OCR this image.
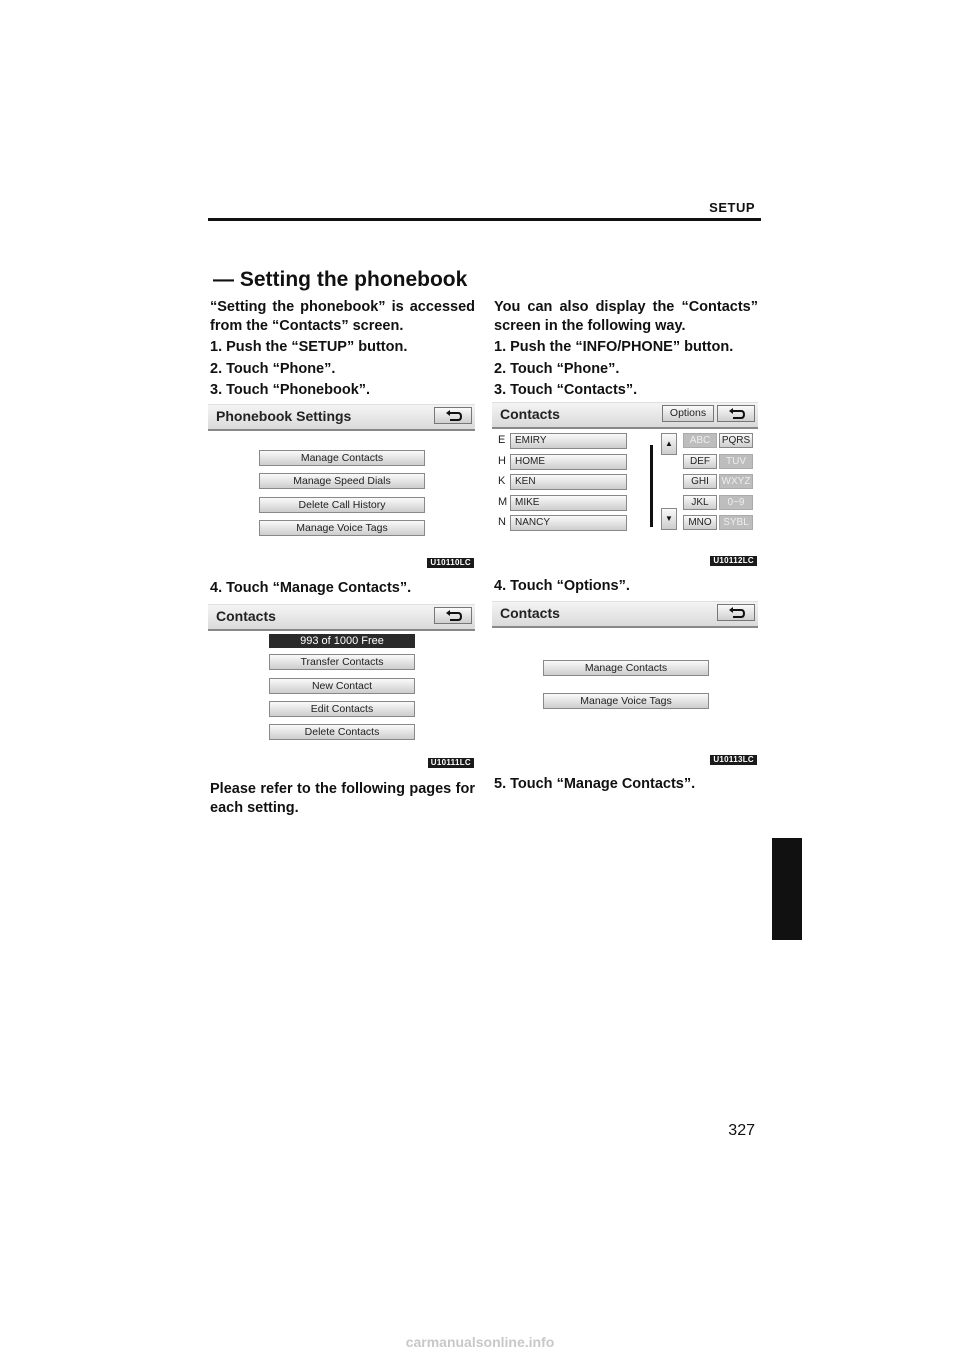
SETUP
— Setting the phonebook
“Setting the phonebook” is accessed from the “Contacts” screen.
1. Push the “SETUP” button.
2. Touch “Phone”.
3. Touch “Phonebook”.
Phonebook Settings
Manage Contacts
Manage Speed Dials
Delete Call History
Manage Voice Tags
U10110LC
4. Touch “Manage Contacts”.
Contacts
993 of 1000 Free
Transfer Contacts
New Contact
Edit Contacts
Delete Contacts
U10111LC
Please refer to the following pages for each setting.
You can also display the “Contacts” screen in the following way.
1. Push the “INFO/PHONE” button.
2. Touch “Phone”.
3. Touch “Contacts”.
Contacts	Options
E
H
K
M
N
EMIRY
HOME
KEN
MIKE
NANCY
▲
▼
ABC
DEF
GHI
JKL
MNO
PQRS
TUV
WXYZ
0~9
SYBL
U10112LC
4. Touch “Options”.
Contacts
Manage Contacts
Manage Voice Tags
U10113LC
5. Touch “Manage Contacts”.
327
carmanualsonline.info
